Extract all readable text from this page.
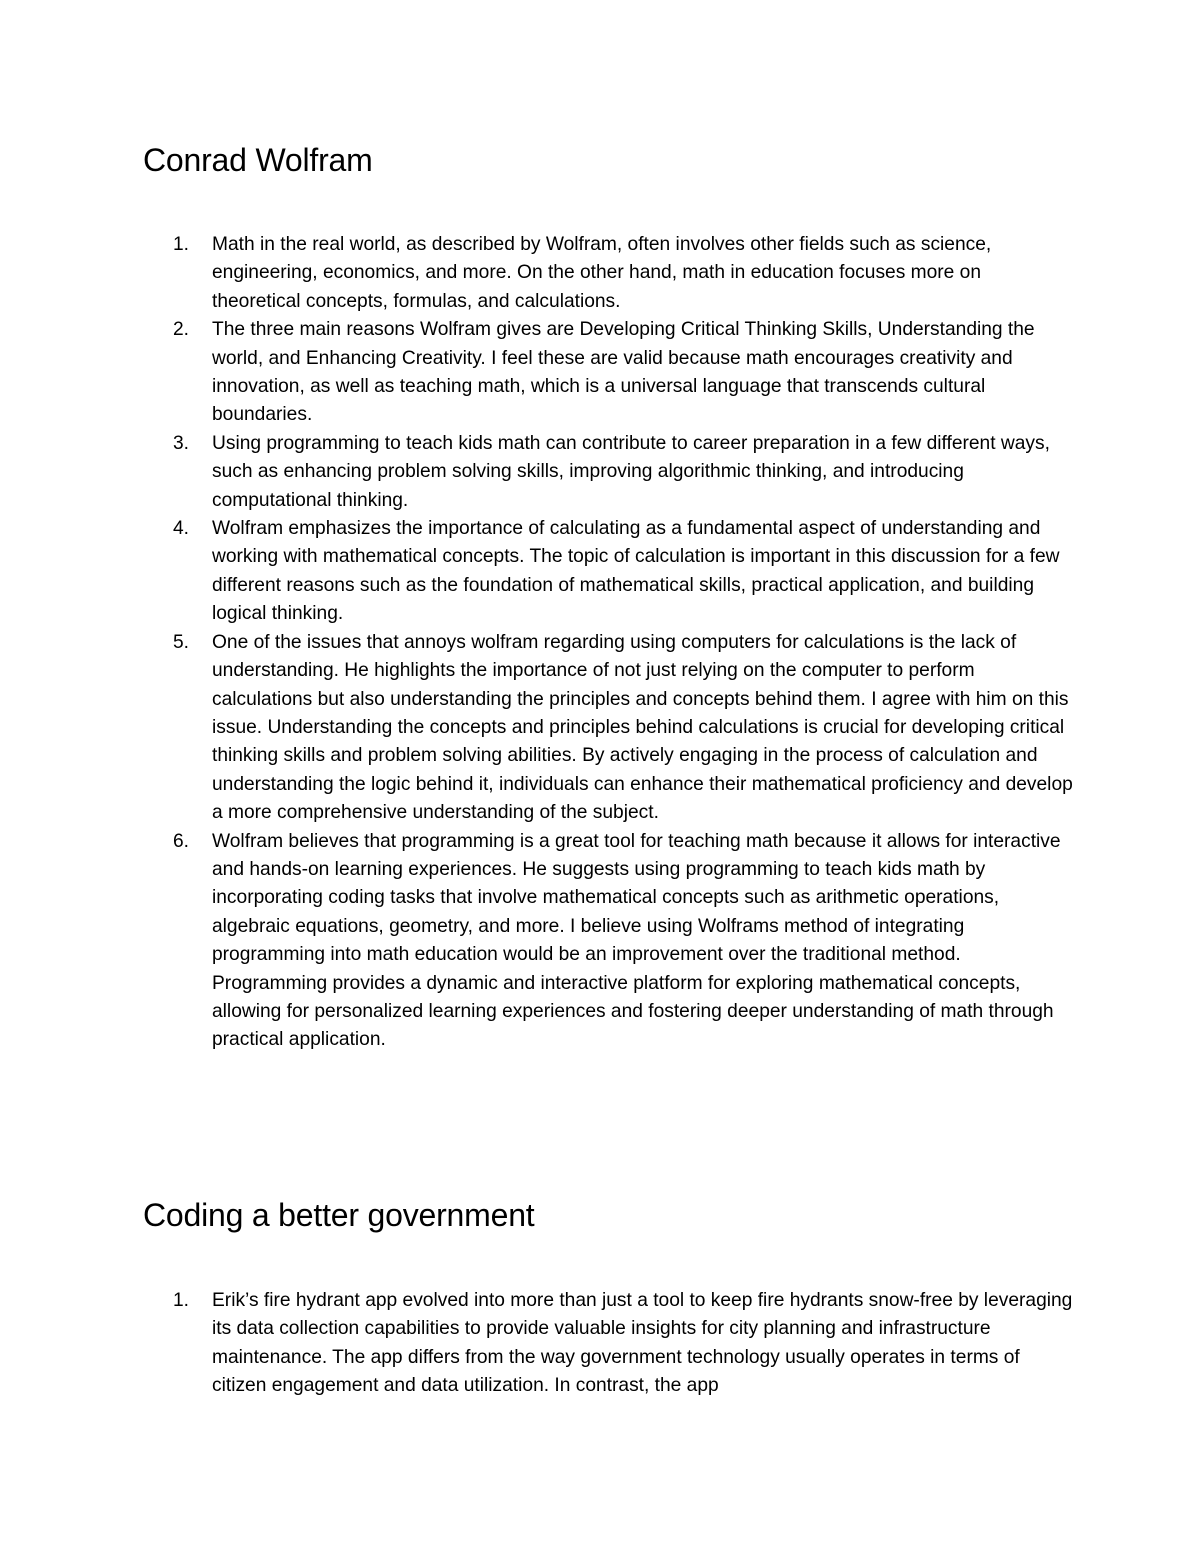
Conrad Wolfram
1.	Math in the real world, as described by Wolfram, often involves other fields such as science, engineering, economics, and more. On the other hand, math in education focuses more on theoretical concepts, formulas, and calculations.
2.	The three main reasons Wolfram gives are Developing Critical Thinking Skills, Understanding the world, and Enhancing Creativity. I feel these are valid because math encourages creativity and innovation, as well as teaching math, which is a universal language that transcends cultural boundaries.
3.	Using programming to teach kids math can contribute to career preparation in a few different ways, such as enhancing problem solving skills, improving algorithmic thinking, and introducing computational thinking.
4.	Wolfram emphasizes the importance of calculating as a fundamental aspect of understanding and working with mathematical concepts. The topic of calculation is important in this discussion for a few different reasons such as the foundation of mathematical skills, practical application, and building logical thinking.
5.	One of the issues that annoys wolfram regarding using computers for calculations is the lack of understanding. He highlights the importance of not just relying on the computer to perform calculations but also understanding the principles and concepts behind them. I agree with him on this issue. Understanding the concepts and principles behind calculations is crucial for developing critical thinking skills and problem solving abilities. By actively engaging in the process of calculation and understanding the logic behind it, individuals can enhance their mathematical proficiency and develop a more comprehensive understanding of the subject.
6.	Wolfram believes that programming is a great tool for teaching math because it allows for interactive and hands-on learning experiences. He suggests using programming to teach kids math by incorporating coding tasks that involve mathematical concepts such as arithmetic operations, algebraic equations, geometry, and more. I believe using Wolframs method of integrating programming into math education would be an improvement over the traditional method. Programming provides a dynamic and interactive platform for exploring mathematical concepts, allowing for personalized learning experiences and fostering deeper understanding of math through practical application.
Coding a better government
1.	Erik’s fire hydrant app evolved into more than just a tool to keep fire hydrants snow-free by leveraging its data collection capabilities to provide valuable insights for city planning and infrastructure maintenance. The app differs from the way government technology usually operates in terms of citizen engagement and data utilization. In contrast, the app
